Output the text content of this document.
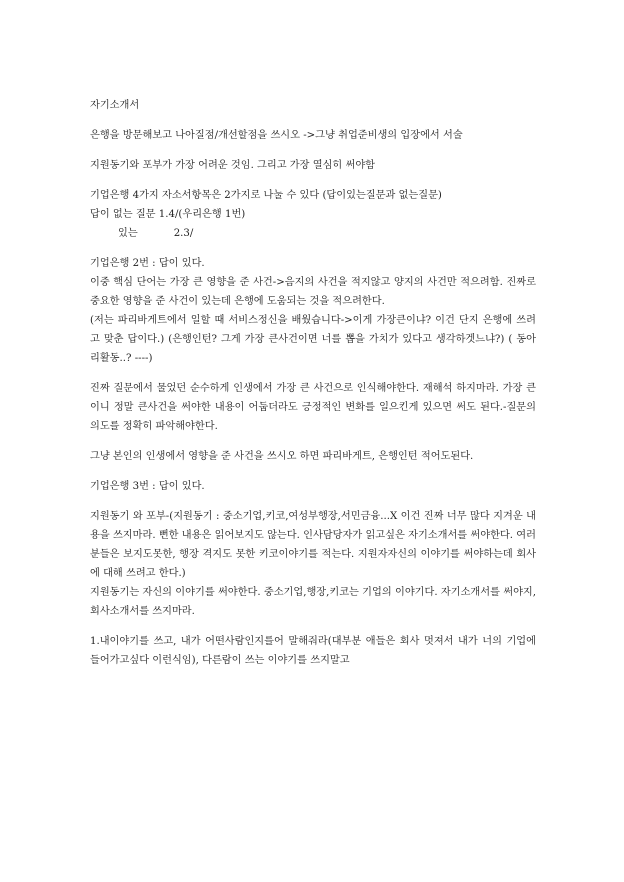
자기소개서

은행을 방문해보고 나아질점/개선할점을 쓰시오 ->그냥 취업준비생의 입장에서 서술

지원동기와 포부가 가장 어려운 것임. 그리고 가장 열심히 써야함

기업은행 4가지 자소서항목은 2가지로 나눌 수 있다 (답이있는질문과 없는질문)

답이 없는 질문 1.4/(우리은행 1번)

있는	2.3/

기업은행 2번 : 답이 있다.

이중 핵심 단어는 가장 큰 영향을 준 사건->음지의 사건을 적지않고 양지의 사건만 적으려함. 진짜로 중요한 영향을 준 사건이 있는데 은행에 도움되는 것을 적으려한다.

(저는 파리바게트에서 일할 때 서비스정신을 배웠습니다->이게 가장큰이냐? 이건 단지 은행에 쓰려고 맞춘 답이다.) (은행인턴? 그게 가장 큰사건이면 너를 뽑을 가치가 있다고 생각하겟느냐?) ( 동아리활동..? ----)

진짜 질문에서 물었던 순수하게 인생에서 가장 큰 사건으로 인식해야한다. 재해석 하지마라. 가장 큰이니 정말 큰사건을 써야한 내용이 어둡더라도 긍정적인 변화를 일으킨게 있으면 써도 된다.-질문의 의도를 정확히 파악해야한다.

그냥 본인의 인생에서 영향을 준 사건을 쓰시오 하면 파리바게트, 은행인턴 적어도된다.

기업은행 3번 : 답이 있다.

지원동기 와 포부-(지원동기 : 중소기업,키코,여성부행장,서민금융...X 이건 진짜 너무 많다 지겨운 내용을 쓰지마라. 뻔한 내용은 읽어보지도 않는다. 인사담당자가 읽고싶은 자기소개서를 써야한다. 여러분들은 보지도못한, 행장 격지도 못한 키코이야기를 적는다. 지원자자신의 이야기를 써야하는데 회사에 대해 쓰려고 한다.)

지원동기는 자신의 이야기를 써야한다. 중소기업,행장,키코는 기업의 이야기다. 자기소개서를 써야지, 회사소개서를 쓰지마라.

1.내이야기를 쓰고, 내가 어떤사람인지를어 말해줘라(대부분 애들은 회사 멋져서 내가 너의 기업에 들어가고싶다 이런식임), 다른람이 쓰는 이야기를 쓰지말고
